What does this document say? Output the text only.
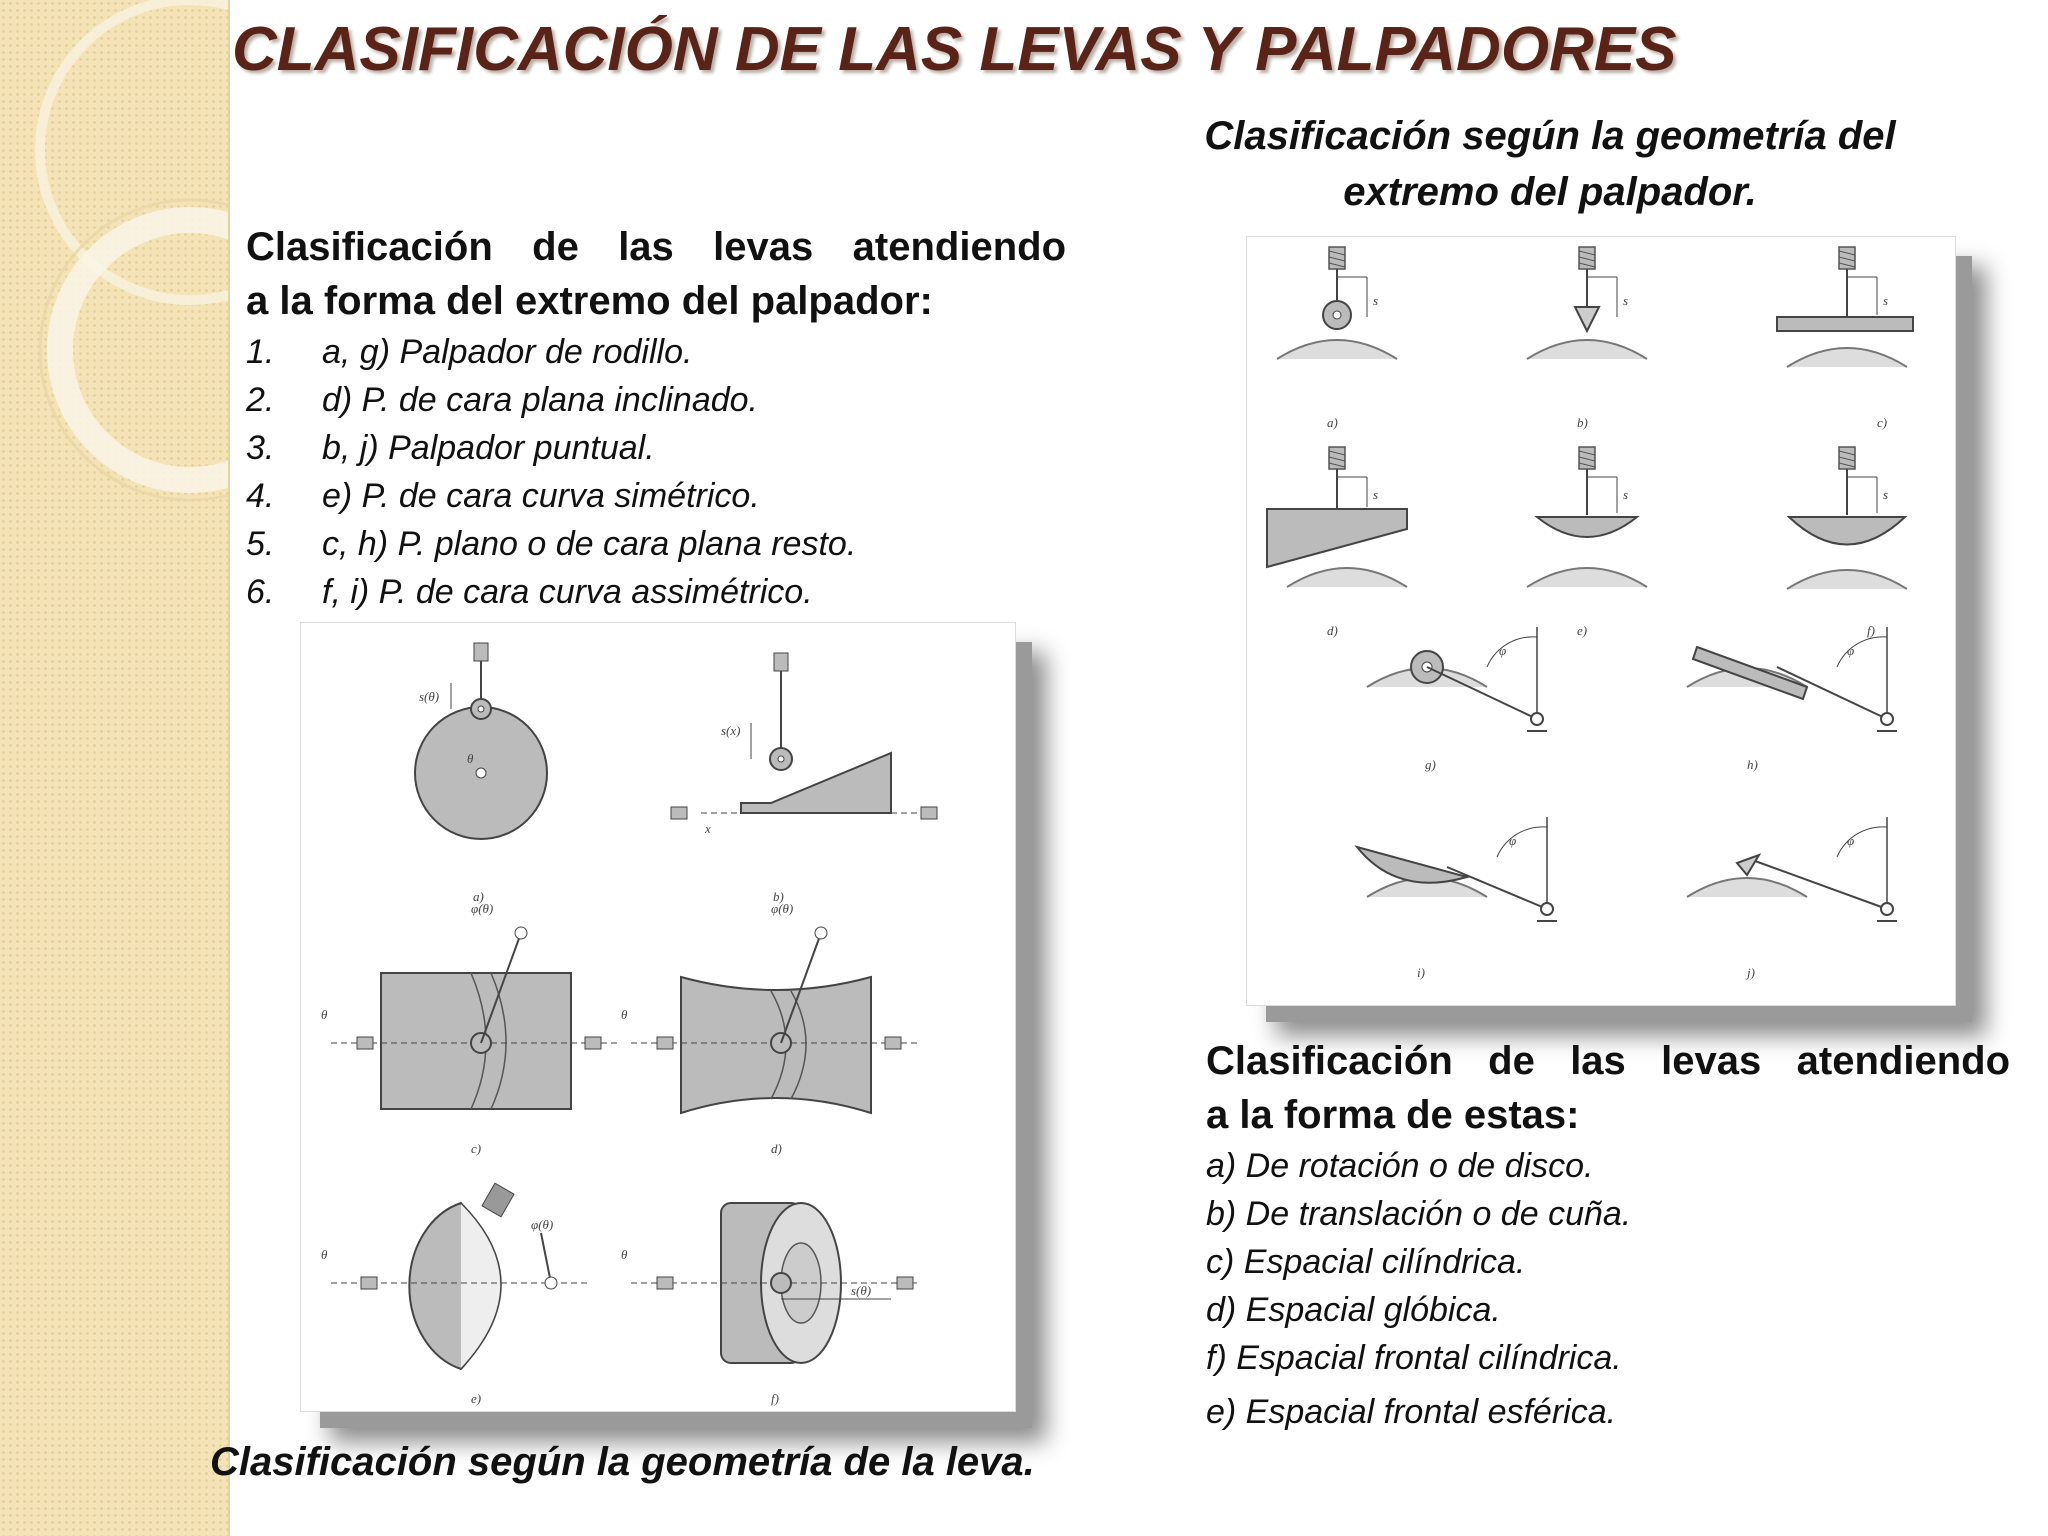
CLASIFICACIÓN DE LAS LEVAS Y PALPADORES
Clasificación según la geometría del
extremo del palpador.

Clasificación de las levas atendiendo

a la forma del extremo del palpador:

1. a, g) Palpador de rodillo.
2. d) P. de cara plana inclinado.
3. b, j) Palpador puntual.
4. e) P. de cara curva simétrico.
5. c, h) P. plano o de cara plana resto.
6. f, i) P. de cara curva assimétrico.
s
a)
s
b)
s
c)
s
d)
s
e)
s
f)
φ
g)
φ
h)
φ
i)
φ
j)
s(θ)
θ
a)
s(x)
x
b)
φ(θ)
θ
c)
φ(θ)
θ
d)
φ(θ)
θ
e)
s(θ)
θ
f)

Clasificación de las levas atendiendo

a la forma de estas:

a) De rotación o de disco.
b) De translación o de cuña.
c) Espacial cilíndrica.
d) Espacial glóbica.
f) Espacial frontal cilíndrica.
e) Espacial frontal esférica.
Clasificación según la geometría de la leva.
